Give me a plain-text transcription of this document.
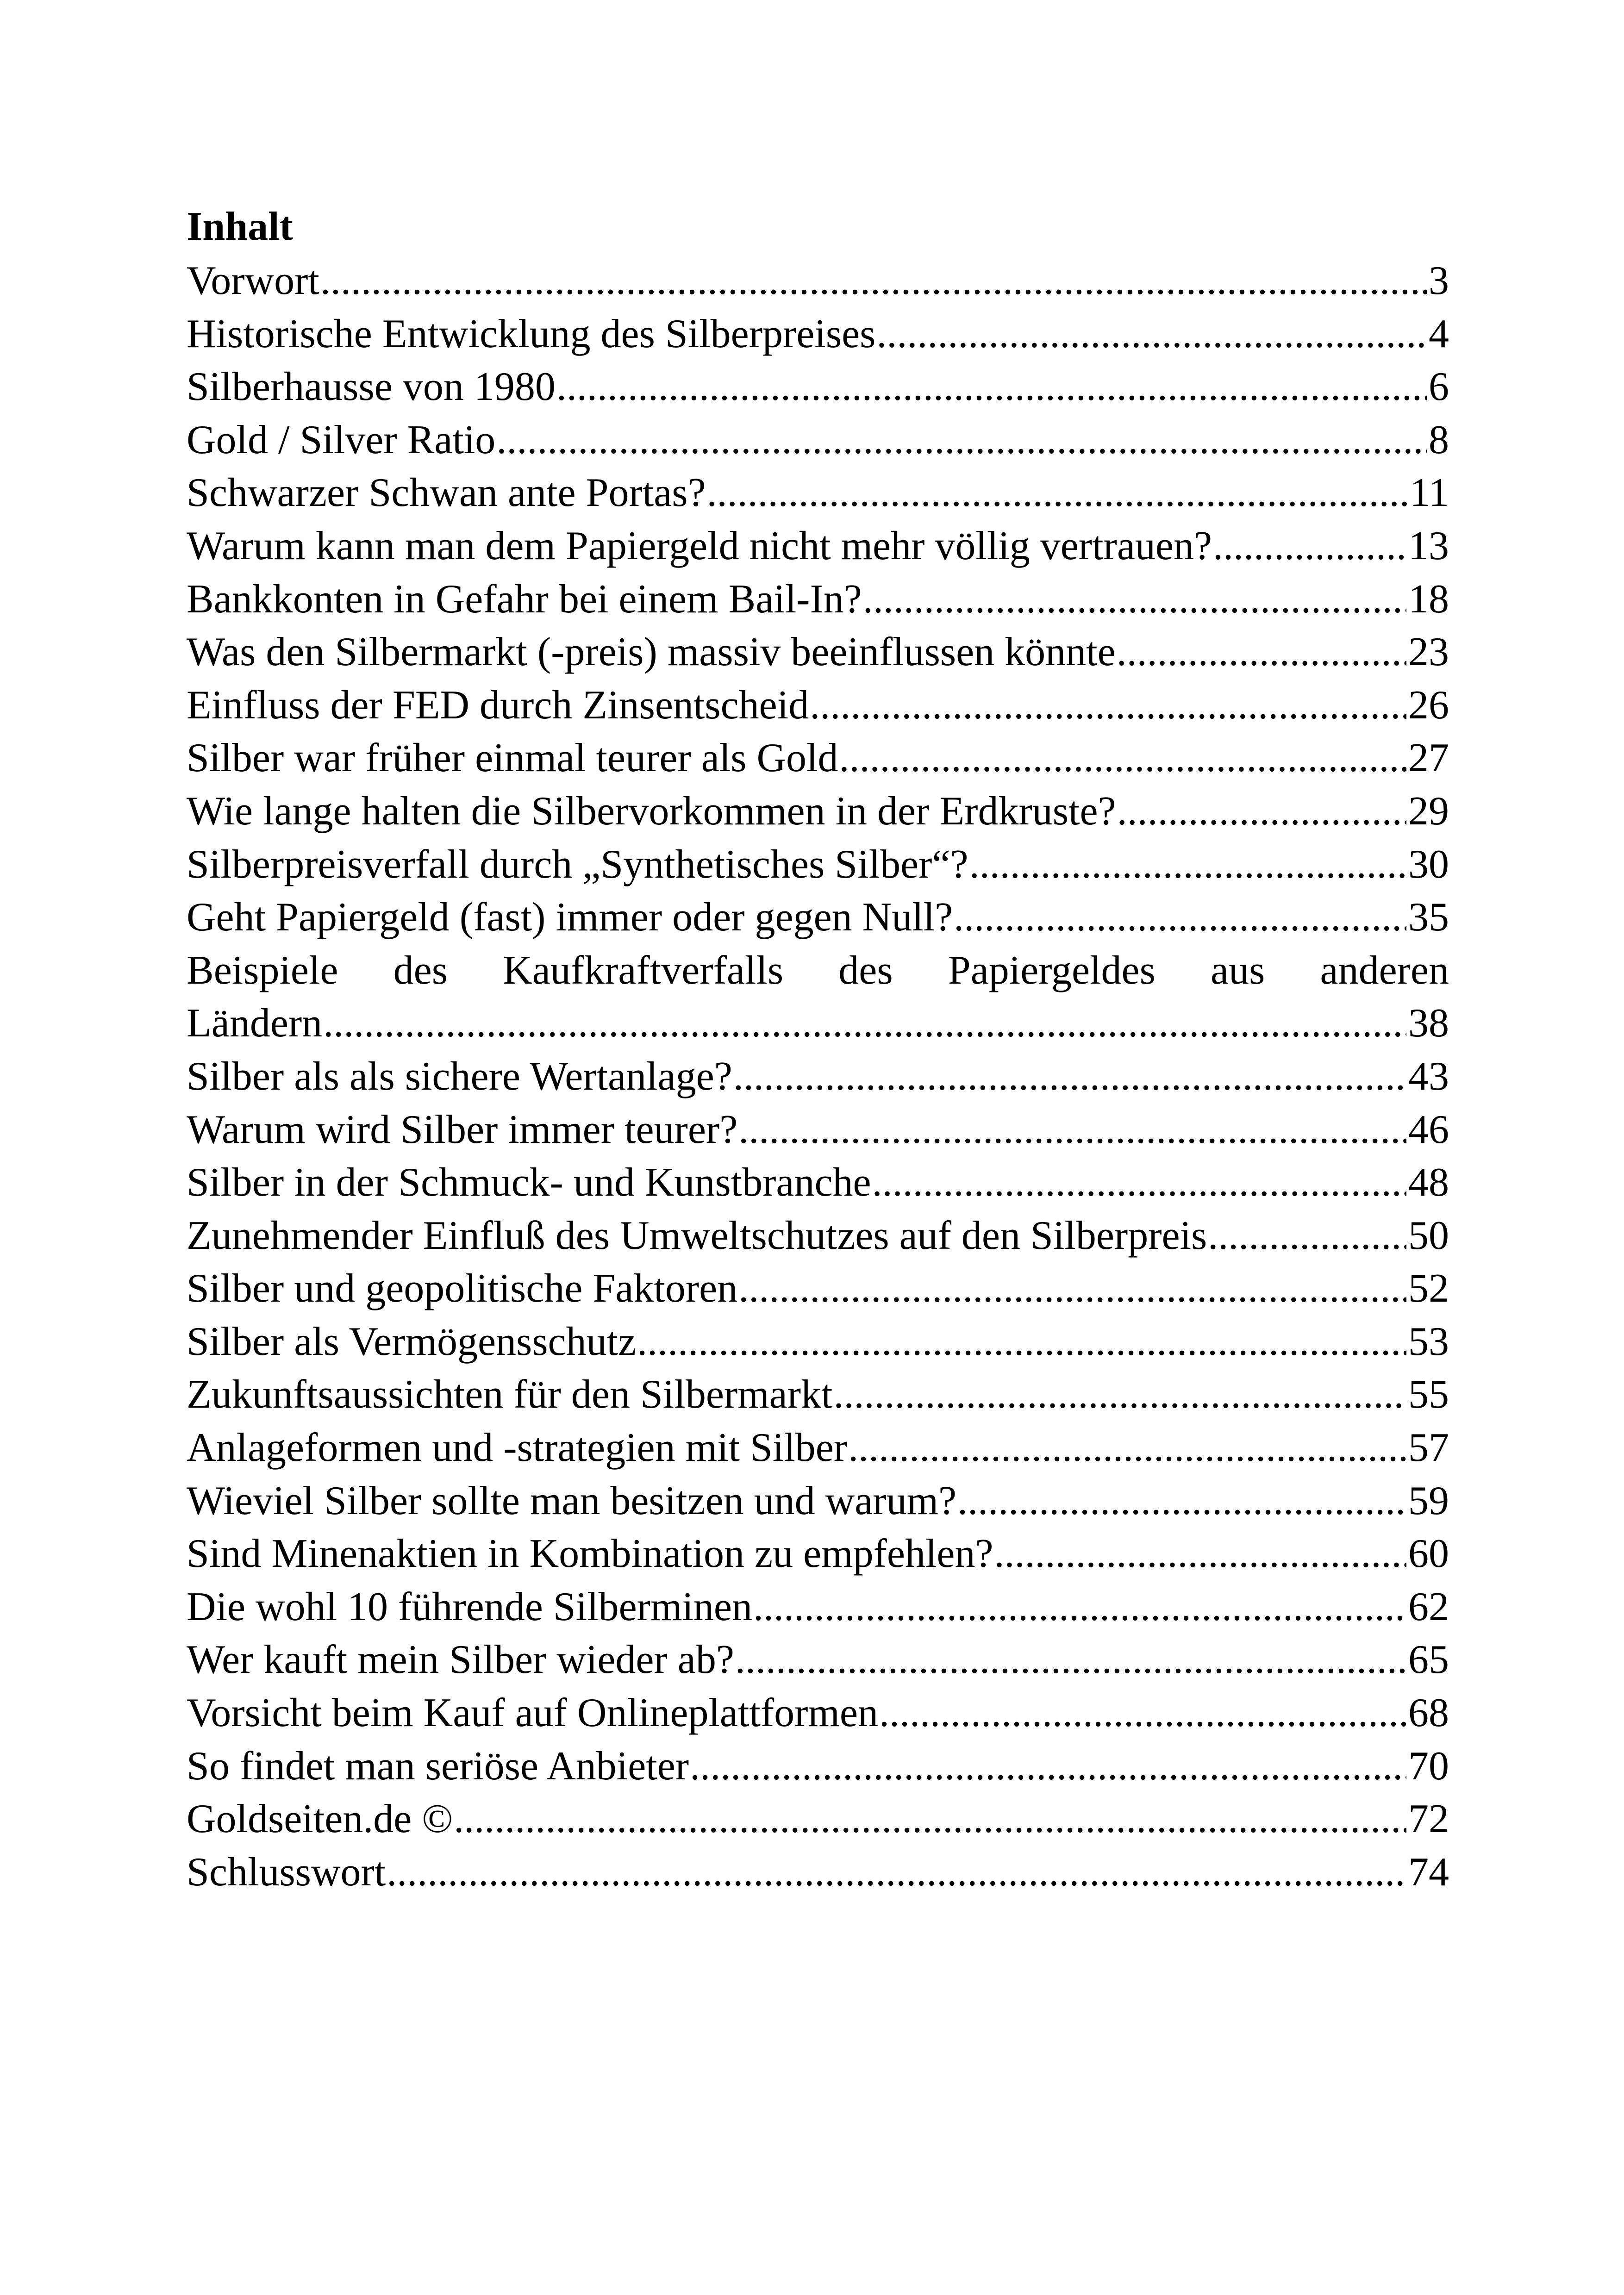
Inhalt
Vorwort .....	3
Historische Entwicklung des Silberpreises .....	4
Silberhausse von 1980 .....	6
Gold / Silver Ratio .....	8
Schwarzer Schwan ante Portas? .....	11
Warum kann man dem Papiergeld nicht mehr völlig vertrauen? .....	13
Bankkonten in Gefahr bei einem Bail-In? .....	18
Was den Silbermarkt (-preis) massiv beeinflussen könnte .....	23
Einfluss der FED durch Zinsentscheid .....	26
Silber war früher einmal teurer als Gold .....	27
Wie lange halten die Silbervorkommen in der Erdkruste? .....	29
Silberpreisverfall durch „Synthetisches Silber“? .....	30
Geht Papiergeld (fast) immer oder gegen Null? .....	35
Beispiele des Kaufkraftverfalls des Papiergeldes aus anderen
Ländern .....	38
Silber als als sichere Wertanlage? .....	43
Warum wird Silber immer teurer? .....	46
Silber in der Schmuck- und Kunstbranche .....	48
Zunehmender Einfluß des Umweltschutzes auf den Silberpreis .....	50
Silber und geopolitische Faktoren .....	52
Silber als Vermögensschutz .....	53
Zukunftsaussichten für den Silbermarkt .....	55
Anlageformen und -strategien mit Silber .....	57
Wieviel Silber sollte man besitzen und warum? .....	59
Sind Minenaktien in Kombination zu empfehlen? .....	60
Die wohl 10 führende Silberminen .....	62
Wer kauft mein Silber wieder ab? .....	65
Vorsicht beim Kauf auf Onlineplattformen .....	68
So findet man seriöse Anbieter .....	70
Goldseiten.de © .....	72
Schlusswort .....	74
